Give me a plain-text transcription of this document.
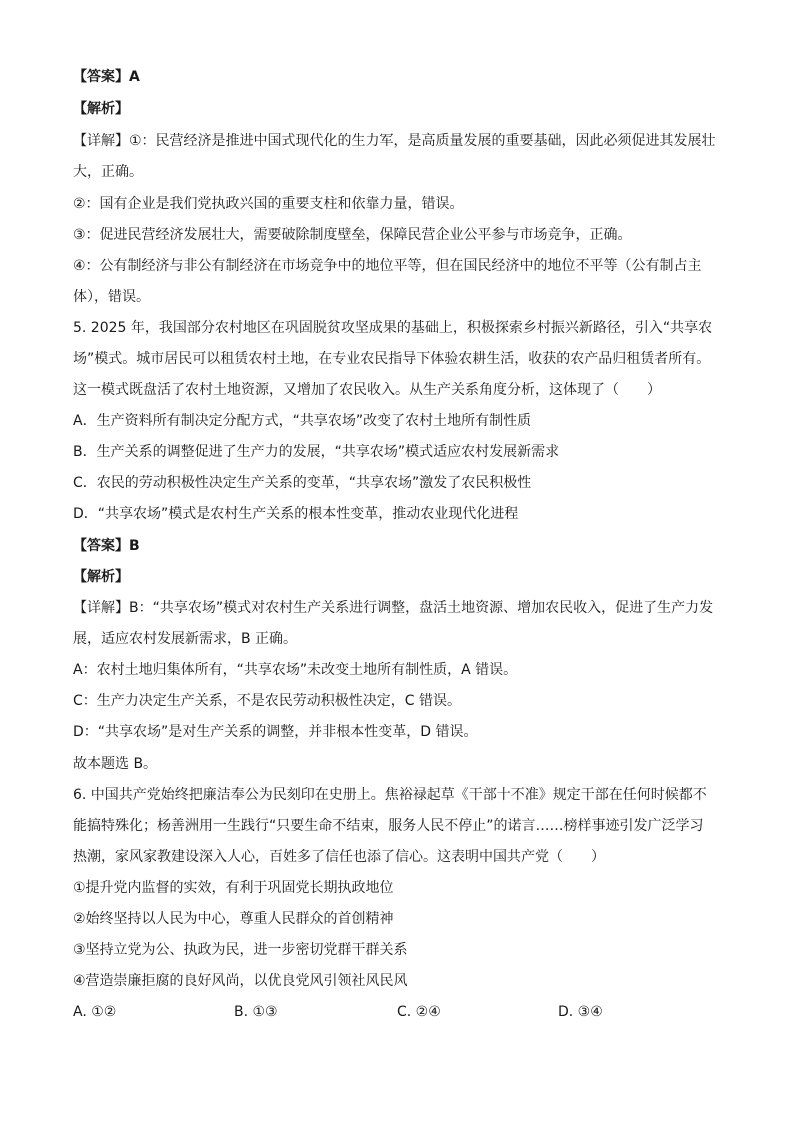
【答案】A
【解析】
【详解】①：民营经济是推进中国式现代化的生力军，是高质量发展的重要基础，因此必须促进其发展壮
大，正确。
②：国有企业是我们党执政兴国的重要支柱和依靠力量，错误。
③：促进民营经济发展壮大，需要破除制度壁垒，保障民营企业公平参与市场竞争，正确。
④：公有制经济与非公有制经济在市场竞争中的地位平等，但在国民经济中的地位不平等（公有制占主
体），错误。
5. 2025 年，我国部分农村地区在巩固脱贫攻坚成果的基础上，积极探索乡村振兴新路径，引入“共享农
场”模式。城市居民可以租赁农村土地，在专业农民指导下体验农耕生活，收获的农产品归租赁者所有。
这一模式既盘活了农村土地资源，又增加了农民收入。从生产关系角度分析，这体现了（　　）
A．生产资料所有制决定分配方式，“共享农场”改变了农村土地所有制性质
B．生产关系的调整促进了生产力的发展，“共享农场”模式适应农村发展新需求
C．农民的劳动积极性决定生产关系的变革，“共享农场”激发了农民积极性
D．“共享农场”模式是农村生产关系的根本性变革，推动农业现代化进程
【答案】B
【解析】
【详解】B：“共享农场”模式对农村生产关系进行调整，盘活土地资源、增加农民收入，促进了生产力发
展，适应农村发展新需求，B 正确。
A：农村土地归集体所有，“共享农场”未改变土地所有制性质，A 错误。
C：生产力决定生产关系，不是农民劳动积极性决定，C 错误。
D：“共享农场”是对生产关系的调整，并非根本性变革，D 错误。
故本题选 B。
6. 中国共产党始终把廉洁奉公为民刻印在史册上。焦裕禄起草《干部十不准》规定干部在任何时候都不
能搞特殊化；杨善洲用一生践行“只要生命不结束，服务人民不停止”的诺言……榜样事迹引发广泛学习
热潮，家风家教建设深入人心，百姓多了信任也添了信心。这表明中国共产党（　　）
①提升党内监督的实效，有利于巩固党长期执政地位
②始终坚持以人民为中心，尊重人民群众的首创精神
③坚持立党为公、执政为民，进一步密切党群干群关系
④营造崇廉拒腐的良好风尚，以优良党风引领社风民风
A. ①②	B. ①③	C. ②④	D. ③④
